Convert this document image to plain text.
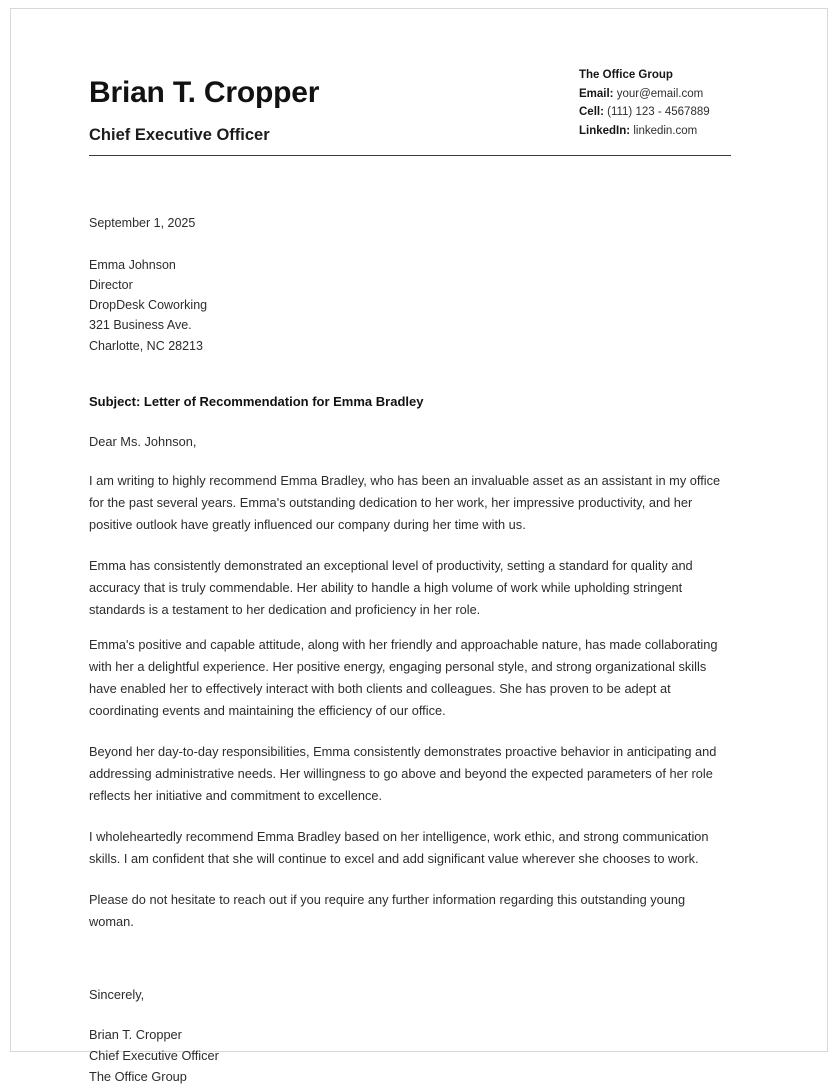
Brian T. Cropper
Chief Executive Officer
The Office Group
Email: your@email.com
Cell: (111) 123 - 4567889
LinkedIn: linkedin.com
September 1, 2025
Emma Johnson
Director
DropDesk Coworking
321 Business Ave.
Charlotte, NC 28213
Subject: Letter of Recommendation for Emma Bradley
Dear Ms. Johnson,

I am writing to highly recommend Emma Bradley, who has been an invaluable asset as an assistant in my office for the past several years. Emma's outstanding dedication to her work, her impressive productivity, and her positive outlook have greatly influenced our company during her time with us.

Emma has consistently demonstrated an exceptional level of productivity, setting a standard for quality and accuracy that is truly commendable. Her ability to handle a high volume of work while upholding stringent standards is a testament to her dedication and proficiency in her role.

Emma's positive and capable attitude, along with her friendly and approachable nature, has made collaborating with her a delightful experience. Her positive energy, engaging personal style, and strong organizational skills have enabled her to effectively interact with both clients and colleagues. She has proven to be adept at coordinating events and maintaining the efficiency of our office.

Beyond her day-to-day responsibilities, Emma consistently demonstrates proactive behavior in anticipating and addressing administrative needs. Her willingness to go above and beyond the expected parameters of her role reflects her initiative and commitment to excellence.

I wholeheartedly recommend Emma Bradley based on her intelligence, work ethic, and strong communication skills. I am confident that she will continue to excel and add significant value wherever she chooses to work.

Please do not hesitate to reach out if you require any further information regarding this outstanding young woman.

Sincerely,
Brian T. Cropper
Chief Executive Officer
The Office Group
